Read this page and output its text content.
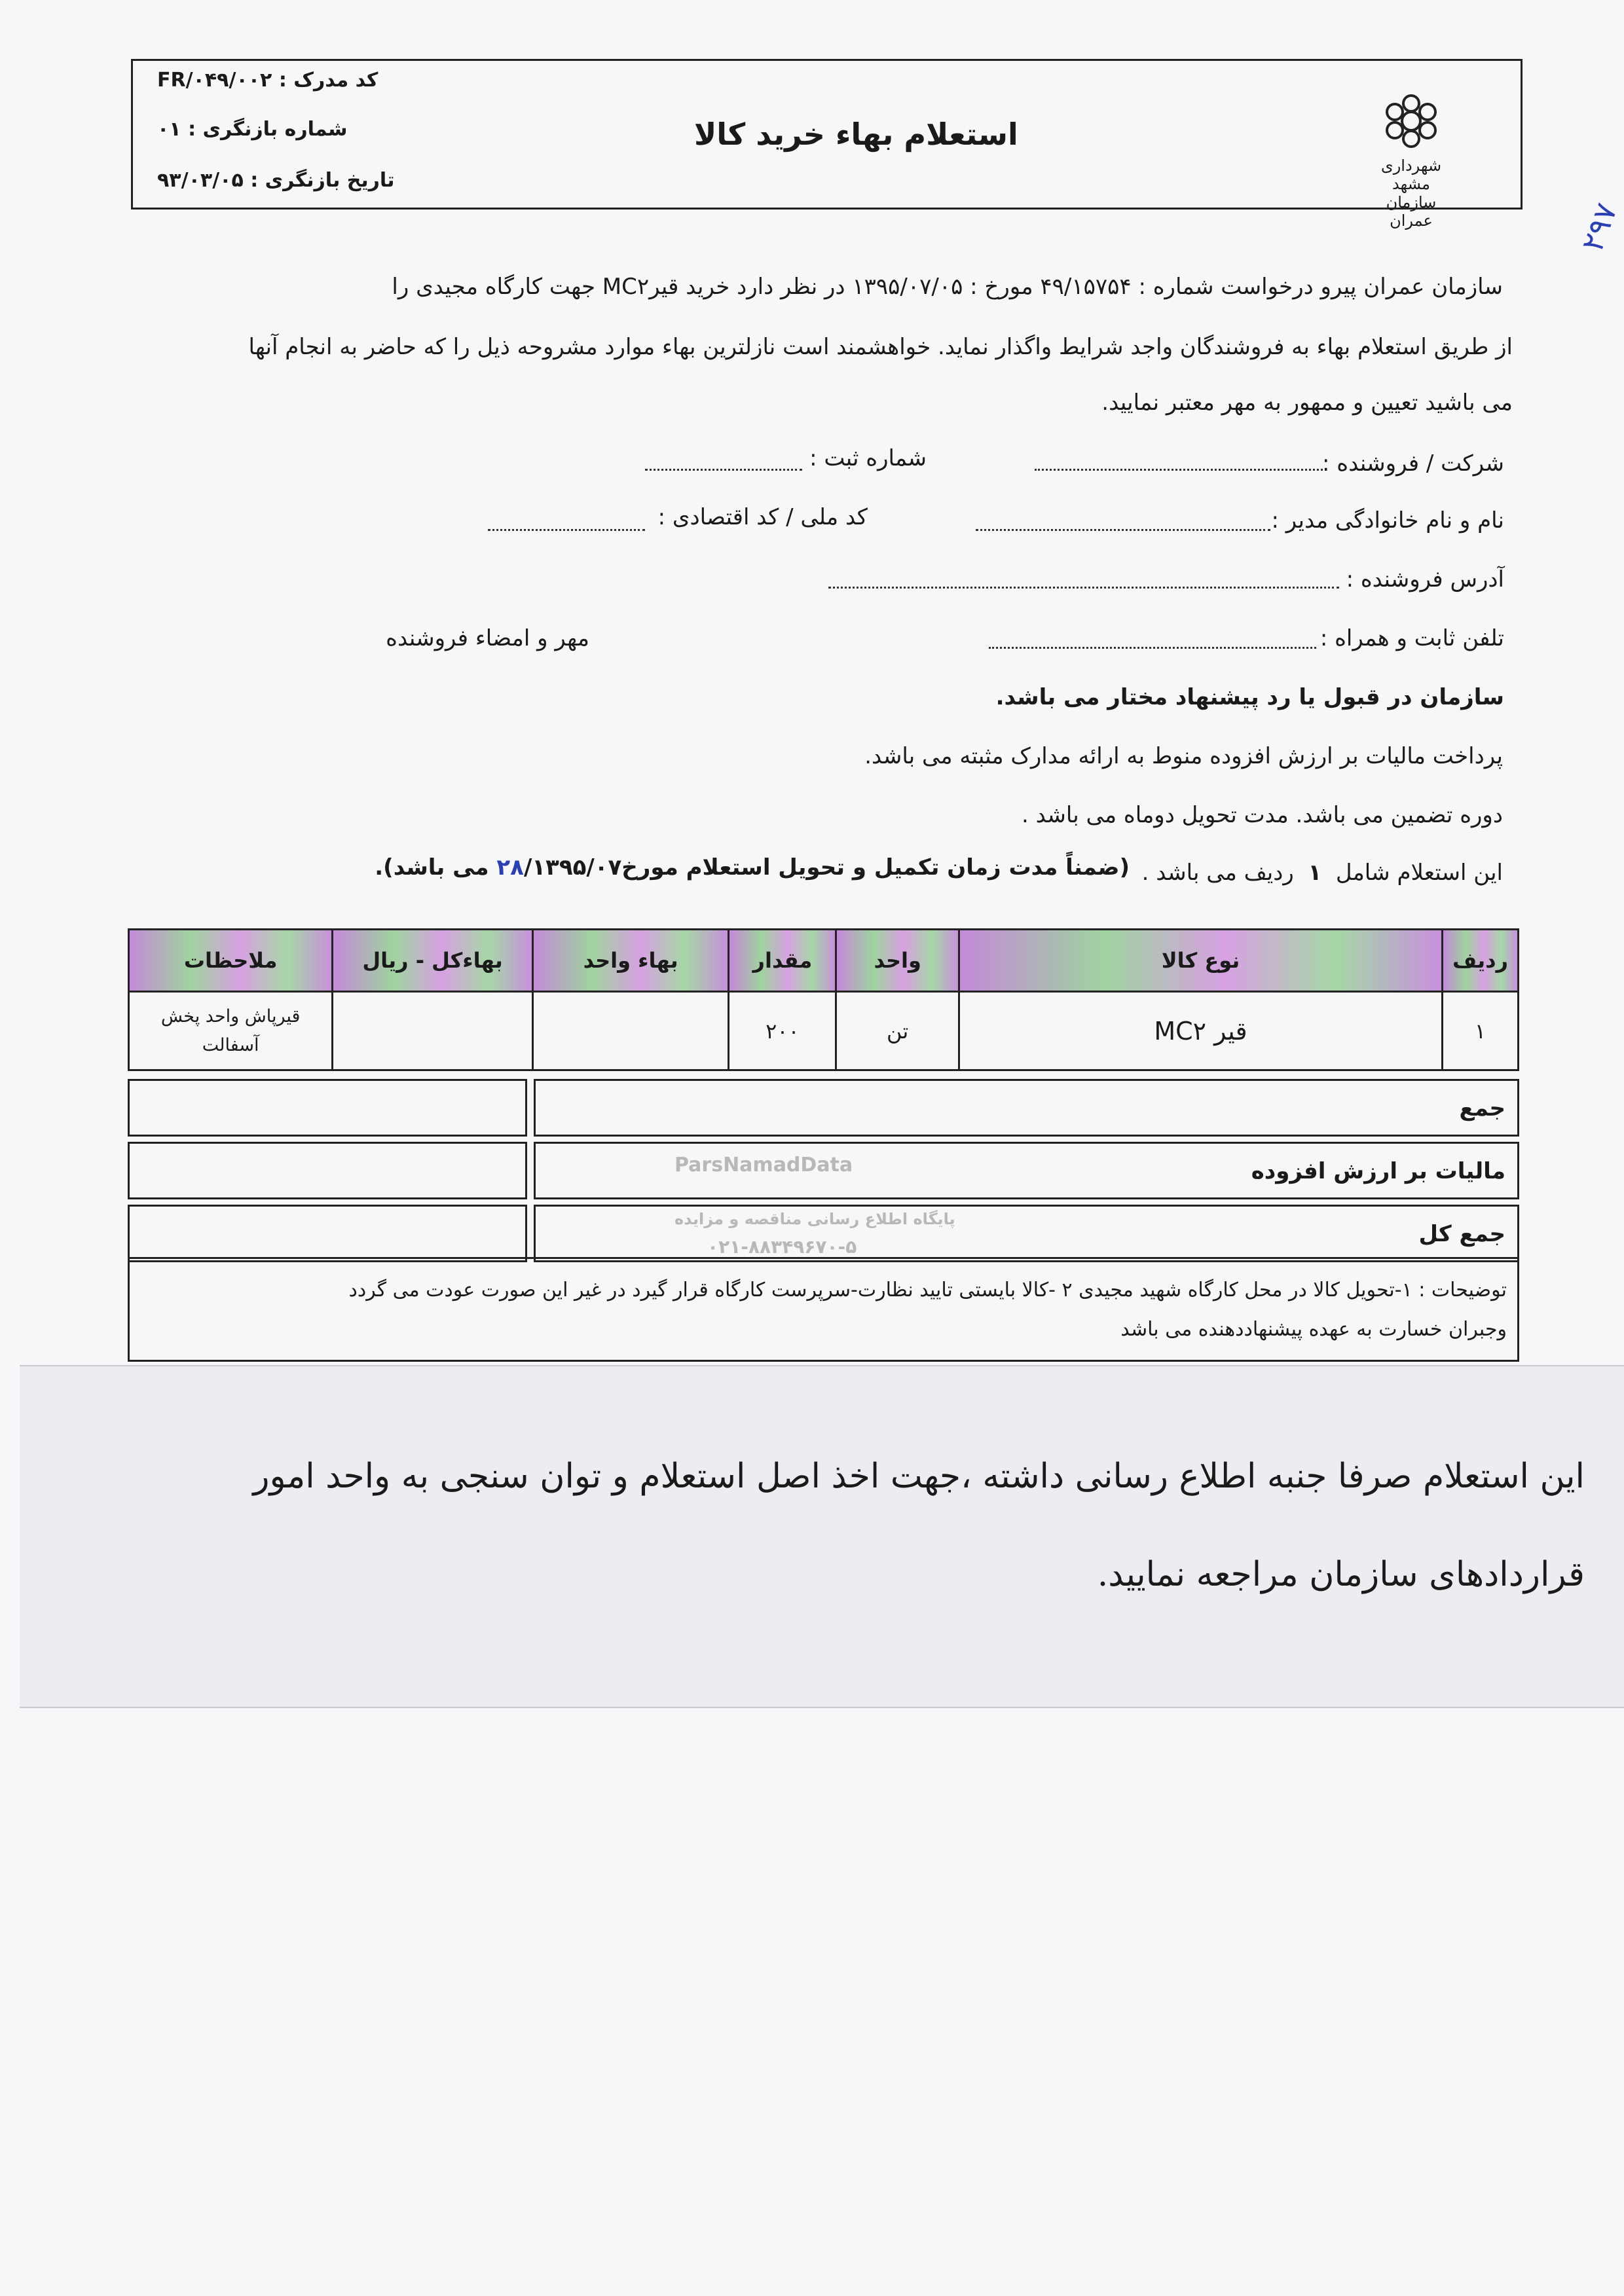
کد مدرک : FR/۰۴۹/۰۰۲
شماره بازنگری : ۰۱
تاریخ بازنگری : ۹۳/۰۳/۰۵
استعلام بهاء خرید کالا
شهرداری مشهد
سازمان عمران	۲۹۷
سازمان عمران پیرو درخواست شماره : ۴۹/۱۵۷۵۴ مورخ : ۱۳۹۵/۰۷/۰۵ در نظر دارد خرید قیرMC۲ جهت کارگاه مجیدی را
از طریق استعلام بهاء به فروشندگان واجد شرایط واگذار نماید. خواهشمند است نازلترین بهاء موارد مشروحه ذیل را که حاضر به انجام آنها
می باشید تعیین و ممهور به مهر معتبر نمایید.
شرکت / فروشنده :
شماره ثبت :
نام و نام خانوادگی مدیر :
کد ملی / کد اقتصادی :
آدرس فروشنده :
تلفن ثابت و همراه :
مهر و امضاء فروشنده
سازمان در قبول یا رد پیشنهاد مختار می باشد.
پرداخت مالیات بر ارزش افزوده منوط به ارائه مدارک مثبته می باشد.
دوره تضمین می باشد. مدت تحویل دوماه می باشد .
این استعلام شامل  ۱  ردیف می باشد .
(ضمناً مدت زمان تکمیل و تحویل استعلام مورخ۲۸/۱۳۹۵/۰۷ می باشد).
ردیف	نوع کالا	واحد	مقدار	بهاء واحد	بهاءکل - ریال	ملاحظات
۱	قیر MC۲	تن	۲۰۰			قیرپاش واحد پخش آسفالت
جمع
مالیات بر ارزش افزوده
جمع کل
ParsNamadData
پایگاه اطلاع رسانی مناقصه و مزایده
۰۲۱-۸۸۳۴۹۶۷۰-۵
توضیحات : ۱-تحویل کالا در محل کارگاه شهید مجیدی ۲ -کالا بایستی تایید نظارت-سرپرست کارگاه قرار گیرد در غیر این صورت عودت می گردد
وجبران خسارت به عهده پیشنهاددهنده می باشد
این استعلام صرفا جنبه اطلاع رسانی داشته ،جهت اخذ اصل استعلام و توان سنجی به واحد امور
قراردادهای سازمان مراجعه نمایید.
